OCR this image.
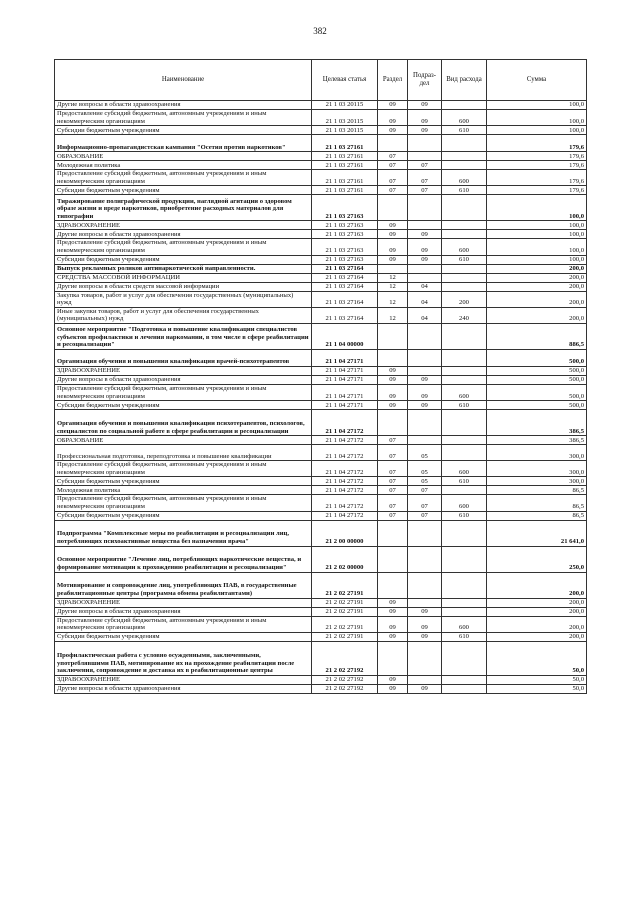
382
Наименование	Целевая статья	Раздел	Подраз-дел	Вид расхода	Сумма
Другие вопросы в области здравоохранения	21 1 03 20115	09	09		100,0
Предоставление субсидий бюджетным, автономным учреждениям и иным некоммерческим организациям	21 1 03 20115	09	09	600	100,0
Субсидии бюджетным учреждениям	21 1 03 20115	09	09	610	100,0
Информационно-пропагандистская кампания "Осетия против наркотиков"	21 1 03 27161				179,6
ОБРАЗОВАНИЕ	21 1 03 27161	07			179,6
Молодежная политика	21 1 03 27161	07	07		179,6
Предоставление субсидий бюджетным, автономным учреждениям и иным некоммерческим организациям	21 1 03 27161	07	07	600	179,6
Субсидии бюджетным учреждениям	21 1 03 27161	07	07	610	179,6
Тиражирование полиграфической продукции, наглядной агитации о здоровом образе жизни и вреде наркотиков, приобретение расходных материалов для типографии	21 1 03 27163				100,0
ЗДРАВООХРАНЕНИЕ	21 1 03 27163	09			100,0
Другие вопросы в области здравоохранения	21 1 03 27163	09	09		100,0
Предоставление субсидий бюджетным, автономным учреждениям и иным некоммерческим организациям	21 1 03 27163	09	09	600	100,0
Субсидии бюджетным учреждениям	21 1 03 27163	09	09	610	100,0
Выпуск рекламных роликов антинаркотической направленности.	21 1 03 27164				200,0
СРЕДСТВА МАССОВОЙ ИНФОРМАЦИИ	21 1 03 27164	12			200,0
Другие вопросы в области средств массовой информации	21 1 03 27164	12	04		200,0
Закупка товаров, работ и услуг для обеспечения государственных (муниципальных) нужд	21 1 03 27164	12	04	200	200,0
Иные закупки товаров, работ и услуг для обеспечения государственных (муниципальных) нужд	21 1 03 27164	12	04	240	200,0
Основное мероприятие "Подготовка и повышение квалификации специалистов субъектов профилактики и лечения наркомании, в том числе в сфере реабилитации и ресоциализации"	21 1 04 00000				886,5
Организация обучения и повышения квалификации врачей-психотерапевтов	21 1 04 27171				500,0
ЗДРАВООХРАНЕНИЕ	21 1 04 27171	09			500,0
Другие вопросы в области здравоохранения	21 1 04 27171	09	09		500,0
Предоставление субсидий бюджетным, автономным учреждениям и иным некоммерческим организациям	21 1 04 27171	09	09	600	500,0
Субсидии бюджетным учреждениям	21 1 04 27171	09	09	610	500,0
Организация обучения и повышения квалификации психотерапевтов, психологов, специалистов по социальной работе в сфере реабилитации и ресоциализации	21 1 04 27172				386,5
ОБРАЗОВАНИЕ	21 1 04 27172	07			386,5
Профессиональная подготовка, переподготовка и повышение квалификации	21 1 04 27172	07	05		300,0
Предоставление субсидий бюджетным, автономным учреждениям и иным некоммерческим организациям	21 1 04 27172	07	05	600	300,0
Субсидии бюджетным учреждениям	21 1 04 27172	07	05	610	300,0
Молодежная политика	21 1 04 27172	07	07		86,5
Предоставление субсидий бюджетным, автономным учреждениям и иным некоммерческим организациям	21 1 04 27172	07	07	600	86,5
Субсидии бюджетным учреждениям	21 1 04 27172	07	07	610	86,5
Подпрограмма "Комплексные меры по реабилитации и ресоциализации лиц, потребляющих психоактивные вещества без назначения врача"	21 2 00 00000				21 641,0
Основное мероприятие "Лечение лиц, потребляющих наркотические вещества, и формирование мотивации к прохождению реабилитации и ресоциализации"	21 2 02 00000				250,0
Мотивирование и сопровождение лиц, употребляющих ПАВ, в государственные реабилитационные центры (программа обмена реабилитантами)	21 2 02 27191				200,0
ЗДРАВООХРАНЕНИЕ	21 2 02 27191	09			200,0
Другие вопросы в области здравоохранения	21 2 02 27191	09	09		200,0
Предоставление субсидий бюджетным, автономным учреждениям и иным некоммерческим организациям	21 2 02 27191	09	09	600	200,0
Субсидии бюджетным учреждениям	21 2 02 27191	09	09	610	200,0
Профилактическая работа с условно осужденными, заключенными, употреблявшими ПАВ, мотивирование их на прохождение реабилитации после заключения, сопровождение и доставка их в реабилитационные центры	21 2 02 27192				50,0
ЗДРАВООХРАНЕНИЕ	21 2 02 27192	09			50,0
Другие вопросы в области здравоохранения	21 2 02 27192	09	09		50,0
